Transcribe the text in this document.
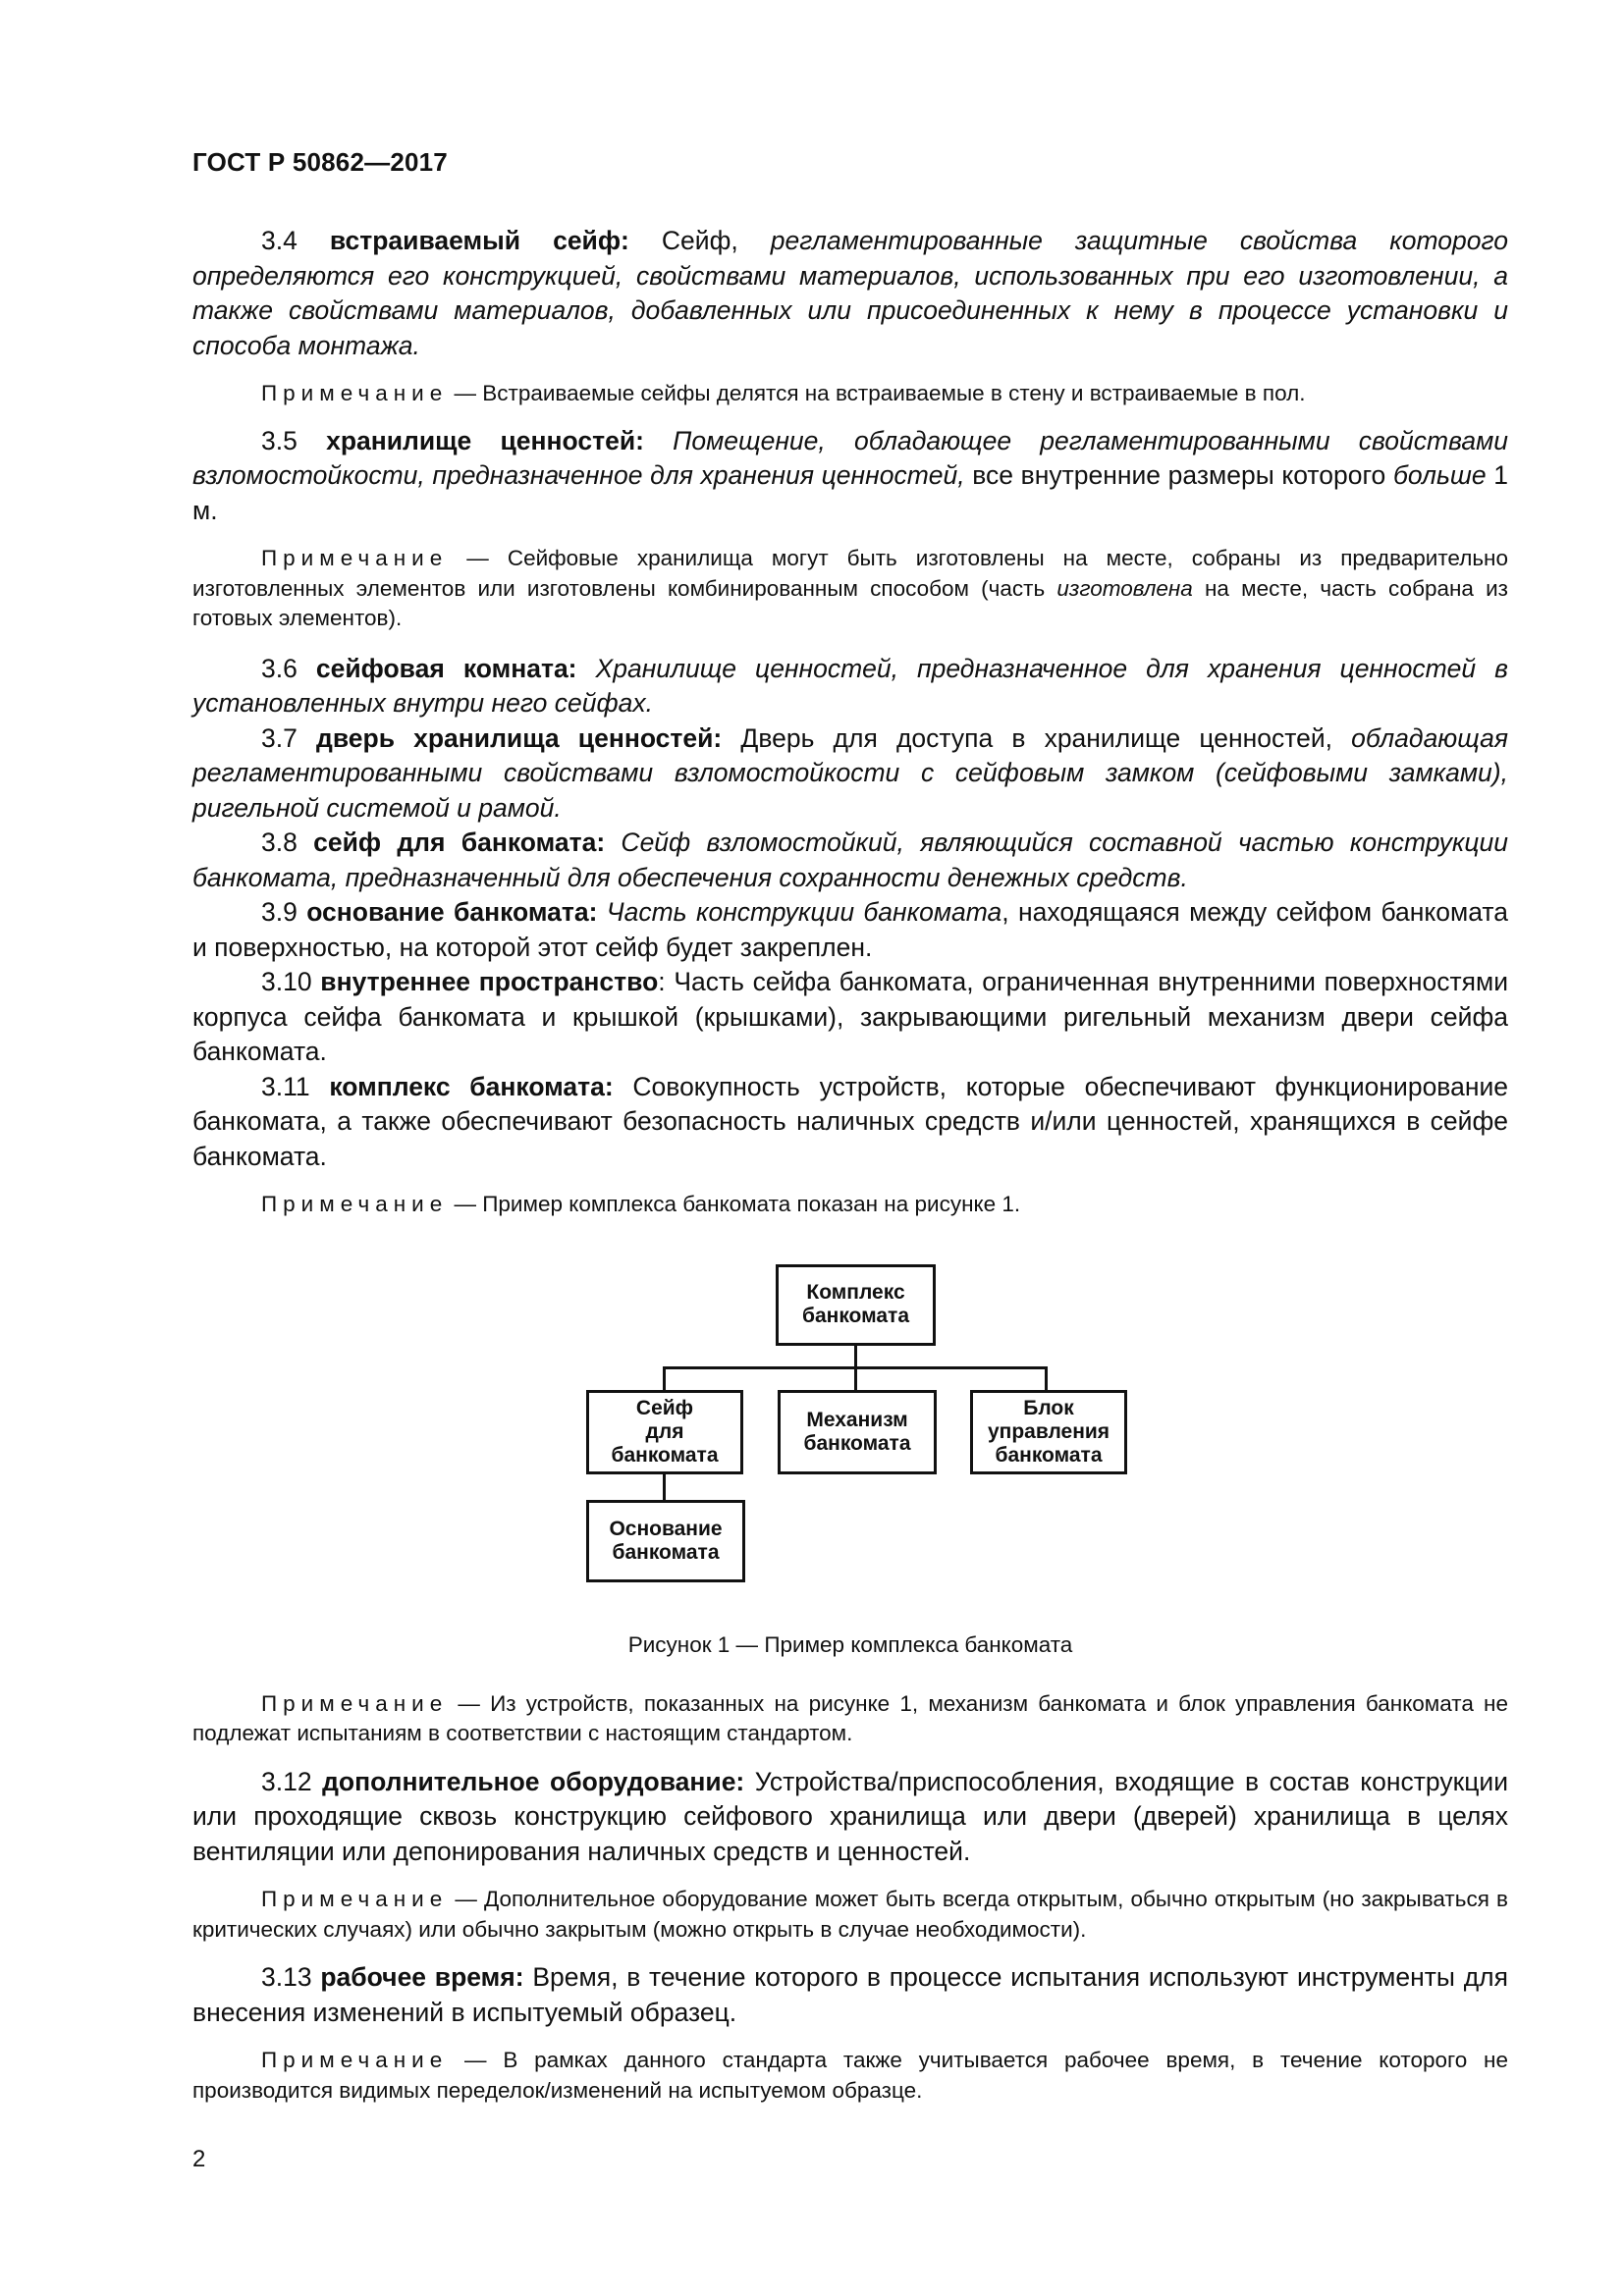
ГОСТ Р 50862—2017

3.4 встраиваемый сейф: Сейф, регламентированные защитные свойства которого определяются его конструкцией, свойствами материалов, использованных при его изготовлении, а также свойствами материалов, добавленных или присоединенных к нему в процессе установки и способа монтажа.

Примечание — Встраиваемые сейфы делятся на встраиваемые в стену и встраиваемые в пол.

3.5 хранилище ценностей: Помещение, обладающее регламентированными свойствами взломостойкости, предназначенное для хранения ценностей, все внутренние размеры которого больше 1 м.

Примечание — Сейфовые хранилища могут быть изготовлены на месте, собраны из предварительно изготовленных элементов или изготовлены комбинированным способом (часть изготовлена на месте, часть собрана из готовых элементов).

3.6 сейфовая комната: Хранилище ценностей, предназначенное для хранения ценностей в установленных внутри него сейфах.

3.7 дверь хранилища ценностей: Дверь для доступа в хранилище ценностей, обладающая регламентированными свойствами взломостойкости с сейфовым замком (сейфовыми замками), ригельной системой и рамой.

3.8 сейф для банкомата: Сейф взломостойкий, являющийся составной частью конструкции банкомата, предназначенный для обеспечения сохранности денежных средств.

3.9 основание банкомата: Часть конструкции банкомата, находящаяся между сейфом банкомата и поверхностью, на которой этот сейф будет закреплен.

3.10 внутреннее пространство: Часть сейфа банкомата, ограниченная внутренними поверхностями корпуса сейфа банкомата и крышкой (крышками), закрывающими ригельный механизм двери сейфа банкомата.

3.11 комплекс банкомата: Совокупность устройств, которые обеспечивают функционирование банкомата, а также обеспечивают безопасность наличных средств и/или ценностей, хранящихся в сейфе банкомата.

Примечание — Пример комплекса банкомата показан на рисунке 1.

Комплекс
банкомата
Сейф
для
банкомата
Механизм
банкомата
Блок
управления
банкомата
Основание
банкомата

Рисунок 1 — Пример комплекса банкомата

Примечание — Из устройств, показанных на рисунке 1, механизм банкомата и блок управления банкомата не подлежат испытаниям в соответствии с настоящим стандартом.

3.12 дополнительное оборудование: Устройства/приспособления, входящие в состав конструкции или проходящие сквозь конструкцию сейфового хранилища или двери (дверей) хранилища в целях вентиляции или депонирования наличных средств и ценностей.

Примечание — Дополнительное оборудование может быть всегда открытым, обычно открытым (но закрываться в критических случаях) или обычно закрытым (можно открыть в случае необходимости).

3.13 рабочее время: Время, в течение которого в процессе испытания используют инструменты для внесения изменений в испытуемый образец.

Примечание — В рамках данного стандарта также учитывается рабочее время, в течение которого не производится видимых переделок/изменений на испытуемом образце.

2
